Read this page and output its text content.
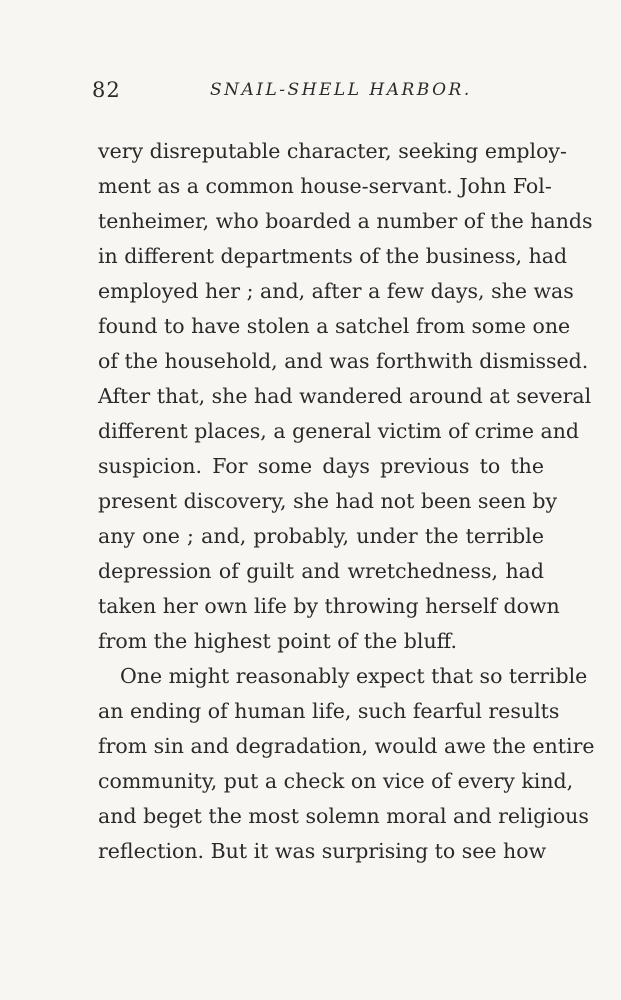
82	SNAIL-SHELL HARBOR.
very disreputable character, seeking employ-
ment as a common house-servant. John Fol-
tenheimer, who boarded a number of the hands
in different departments of the business, had
employed her ; and, after a few days, she was
found to have stolen a satchel from some one
of the household, and was forthwith dismissed.
After that, she had wandered around at several
different places, a general victim of crime and
suspicion. For some days previous to the
present discovery, she had not been seen by
any one ; and, probably, under the terrible
depression of guilt and wretchedness, had
taken her own life by throwing herself down
from the highest point of the bluff.
One might reasonably expect that so terrible
an ending of human life, such fearful results
from sin and degradation, would awe the entire
community, put a check on vice of every kind,
and beget the most solemn moral and religious
reflection. But it was surprising to see how
